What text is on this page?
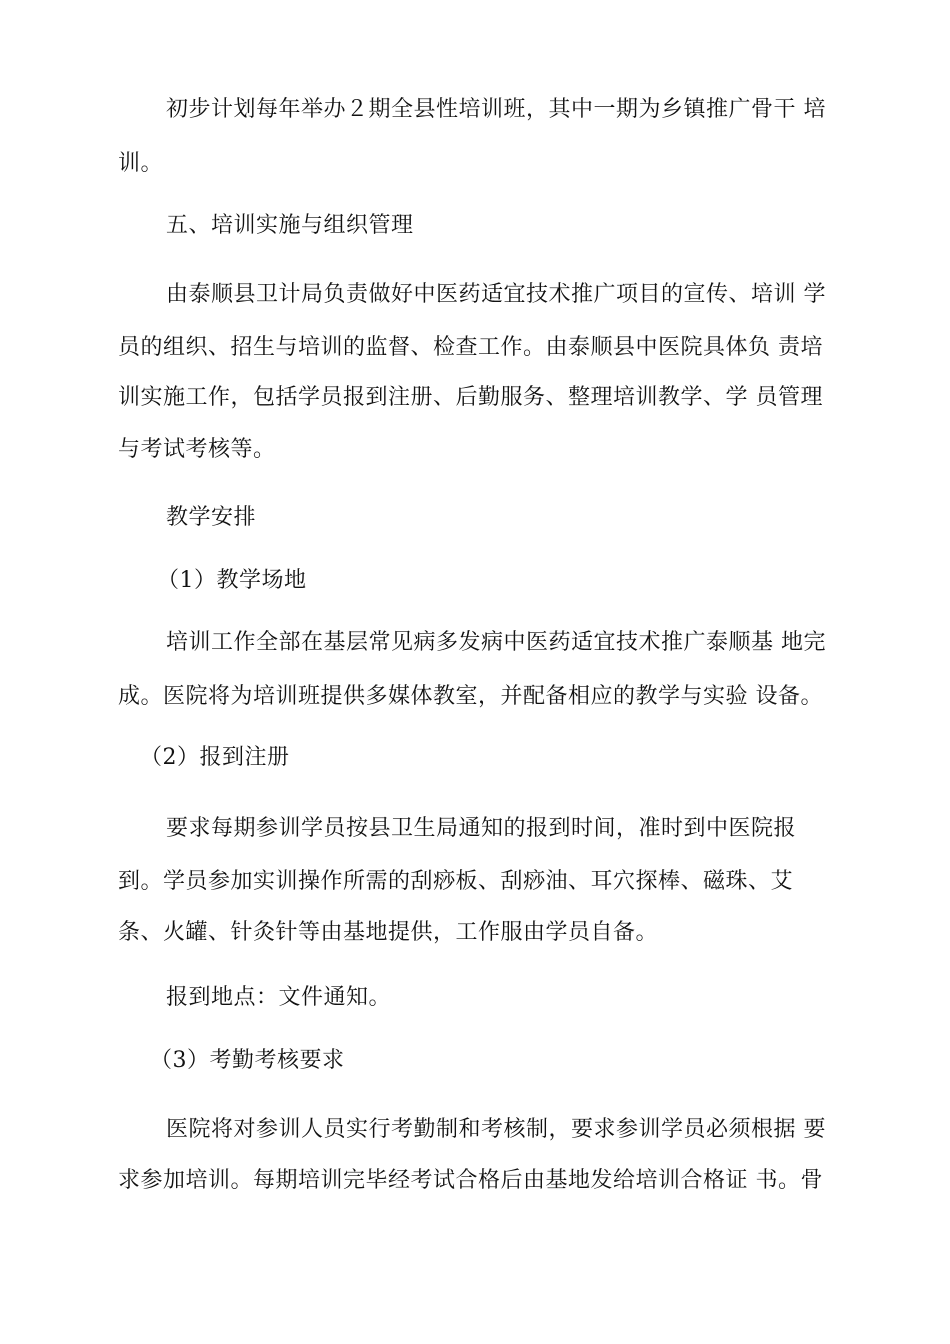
初步计划每年举办２期全县性培训班，其中一期为乡镇推广骨干 培
训。
五、培训实施与组织管理
由泰顺县卫计局负责做好中医药适宜技术推广项目的宣传、培训 学
员的组织、招生与培训的监督、检查工作。由泰顺县中医院具体负 责培
训实施工作，包括学员报到注册、后勤服务、整理培训教学、学 员管理
与考试考核等。
教学安排
（1）教学场地
培训工作全部在基层常见病多发病中医药适宜技术推广泰顺基 地完
成。医院将为培训班提供多媒体教室，并配备相应的教学与实验 设备。
（2）报到注册
要求每期参训学员按县卫生局通知的报到时间，准时到中医院报
到。学员参加实训操作所需的刮痧板、刮痧油、耳穴探棒、磁珠、艾
条、火罐、针灸针等由基地提供，工作服由学员自备。
报到地点：文件通知。
（3）考勤考核要求
医院将对参训人员实行考勤制和考核制，要求参训学员必须根据 要
求参加培训。每期培训完毕经考试合格后由基地发给培训合格证 书。骨
